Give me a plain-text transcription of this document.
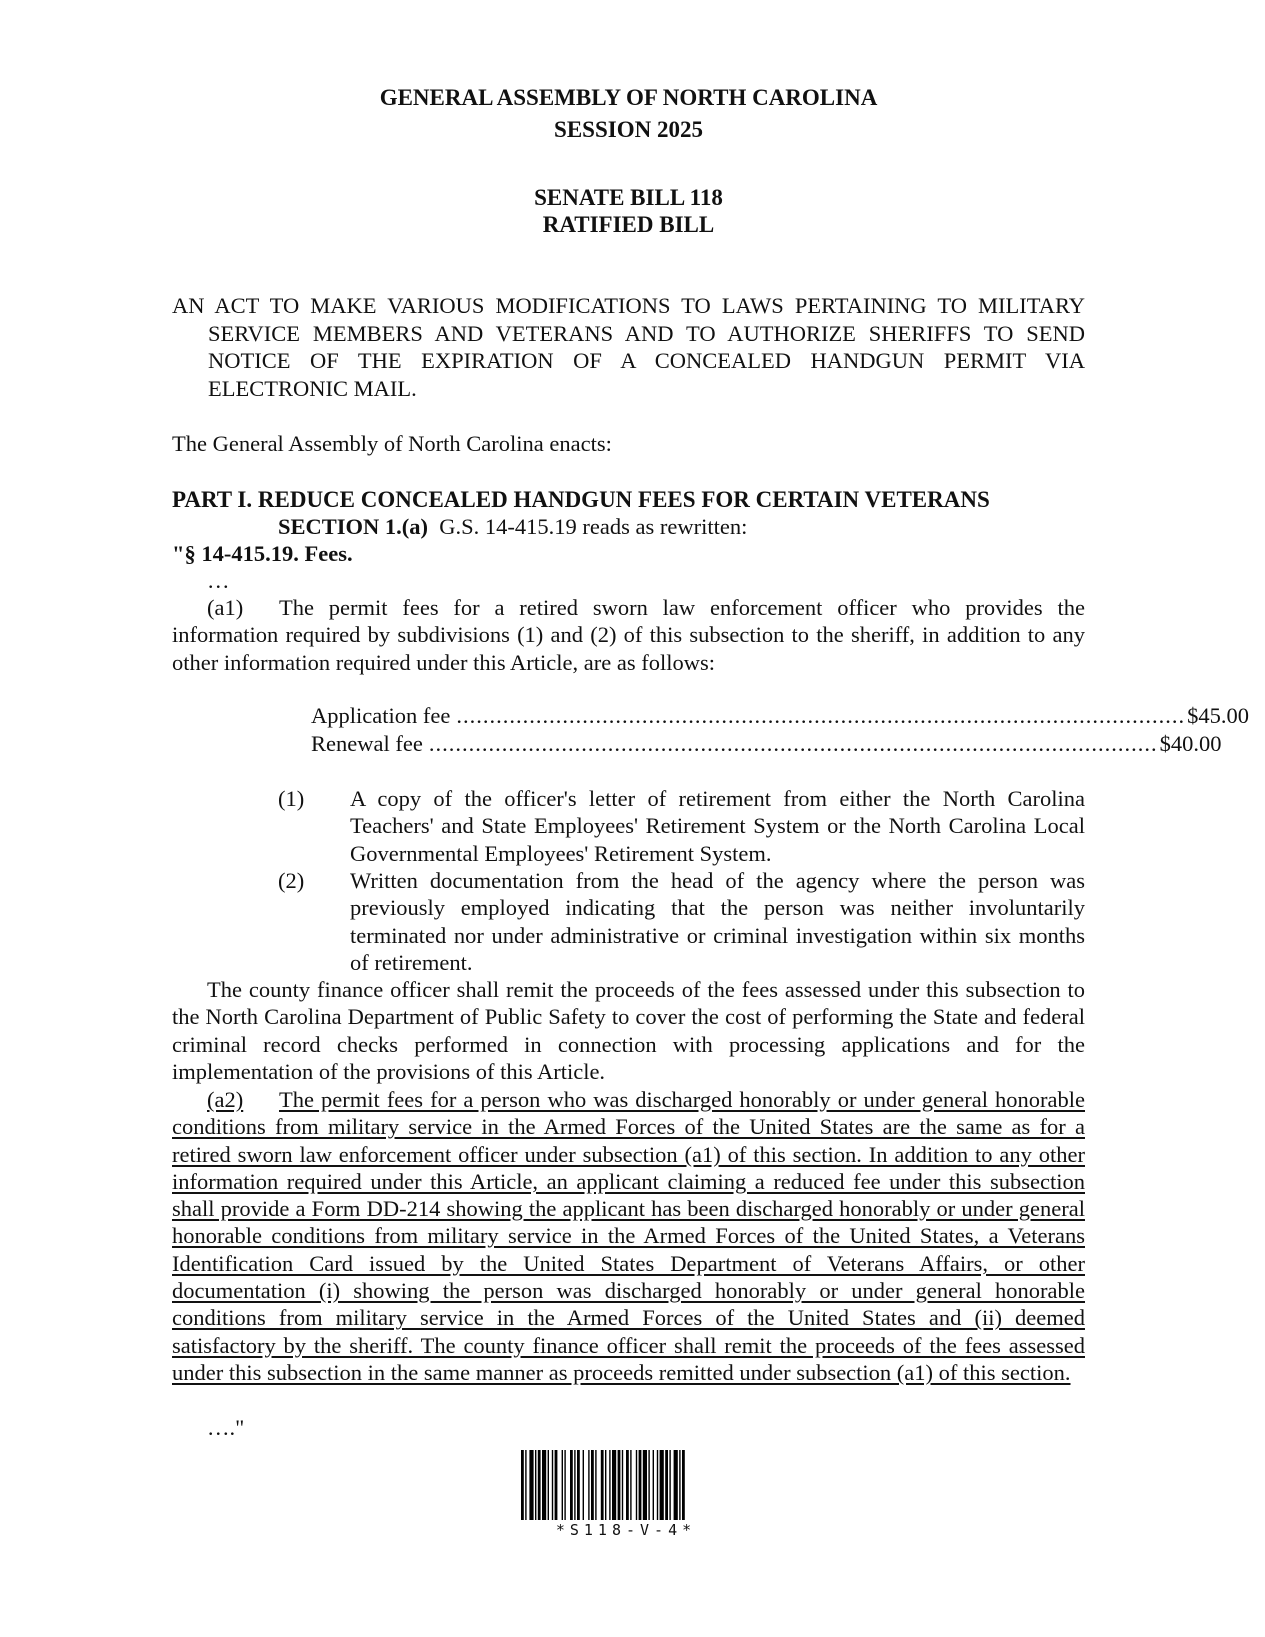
GENERAL ASSEMBLY OF NORTH CAROLINA
SESSION 2025
SENATE BILL 118
RATIFIED BILL
AN ACT TO MAKE VARIOUS MODIFICATIONS TO LAWS PERTAINING TO MILITARY SERVICE MEMBERS AND VETERANS AND TO AUTHORIZE SHERIFFS TO SEND NOTICE OF THE EXPIRATION OF A CONCEALED HANDGUN PERMIT VIA ELECTRONIC MAIL.
The General Assembly of North Carolina enacts:
PART I. REDUCE CONCEALED HANDGUN FEES FOR CERTAIN VETERANS
SECTION 1.(a) G.S. 14-415.19 reads as rewritten:
"§ 14-415.19. Fees.
…

(a1) The permit fees for a retired sworn law enforcement officer who provides the information required by subdivisions (1) and (2) of this subsection to the sheriff, in addition to any other information required under this Article, are as follows:

Application fee .............................................................................................................. $45.00
Renewal fee .............................................................................................................. $40.00
(1) A copy of the officer's letter of retirement from either the North Carolina Teachers' and State Employees' Retirement System or the North Carolina Local Governmental Employees' Retirement System.
(2) Written documentation from the head of the agency where the person was previously employed indicating that the person was neither involuntarily terminated nor under administrative or criminal investigation within six months of retirement.

The county finance officer shall remit the proceeds of the fees assessed under this subsection to the North Carolina Department of Public Safety to cover the cost of performing the State and federal criminal record checks performed in connection with processing applications and for the implementation of the provisions of this Article.

(a2) The permit fees for a person who was discharged honorably or under general honorable conditions from military service in the Armed Forces of the United States are the same as for a retired sworn law enforcement officer under subsection (a1) of this section. In addition to any other information required under this Article, an applicant claiming a reduced fee under this subsection shall provide a Form DD-214 showing the applicant has been discharged honorably or under general honorable conditions from military service in the Armed Forces of the United States, a Veterans Identification Card issued by the United States Department of Veterans Affairs, or other documentation (i) showing the person was discharged honorably or under general honorable conditions from military service in the Armed Forces of the United States and (ii) deemed satisfactory by the sheriff. The county finance officer shall remit the proceeds of the fees assessed under this subsection in the same manner as proceeds remitted under subsection (a1) of this section.

…."
*S118-V-4*
